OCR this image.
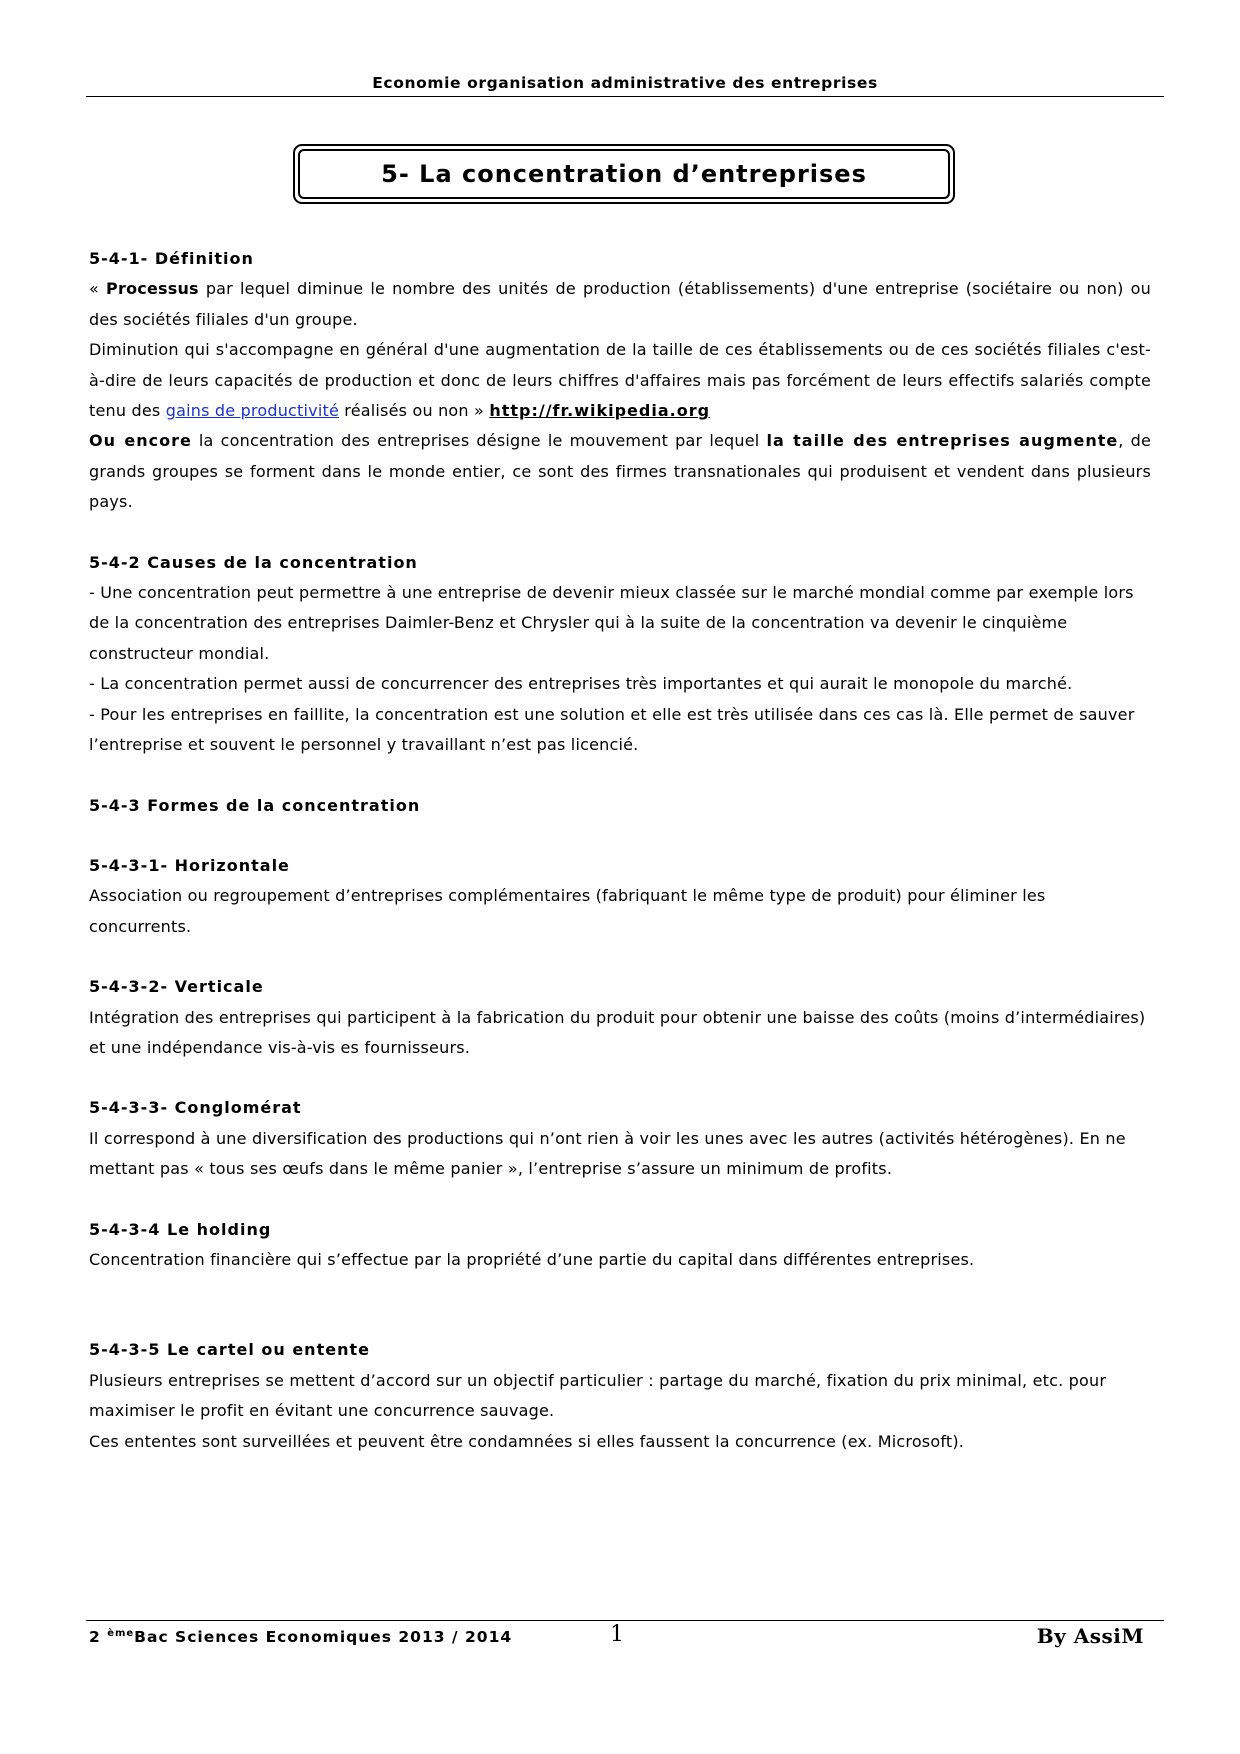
Economie organisation administrative des entreprises
5- La concentration d’entreprises

5-4-1- Définition

« Processus par lequel diminue le nombre des unités de production (établissements) d'une entreprise (sociétaire ou non) ou des sociétés filiales d'un groupe.

Diminution qui s'accompagne en général d'une augmentation de la taille de ces établissements ou de ces sociétés filiales c'est-à-dire de leurs capacités de production et donc de leurs chiffres d'affaires mais pas forcément de leurs effectifs salariés compte tenu des gains de productivité réalisés ou non » http://fr.wikipedia.org

Ou encore la concentration des entreprises désigne le mouvement par lequel la taille des entreprises augmente, de grands groupes se forment dans le monde entier, ce sont des firmes transnationales qui produisent et vendent dans plusieurs pays.

5-4-2 Causes de la concentration

- Une concentration peut permettre à une entreprise de devenir mieux classée sur le marché mondial comme par exemple lors de la concentration des entreprises Daimler-Benz et Chrysler qui à la suite de la concentration va devenir le cinquième constructeur mondial.

- La concentration permet aussi de concurrencer des entreprises très importantes et qui aurait le monopole du marché.

- Pour les entreprises en faillite, la concentration est une solution et elle est très utilisée dans ces cas là. Elle permet de sauver l’entreprise et souvent le personnel y travaillant n’est pas licencié.

5-4-3 Formes de la concentration

5-4-3-1- Horizontale

Association ou regroupement d’entreprises complémentaires (fabriquant le même type de produit) pour éliminer les concurrents.

5-4-3-2- Verticale

Intégration des entreprises qui participent à la fabrication du produit pour obtenir une baisse des coûts (moins d’intermédiaires) et une indépendance vis-à-vis es fournisseurs.

5-4-3-3- Conglomérat

Il correspond à une diversification des productions qui n’ont rien à voir les unes avec les autres (activités hétérogènes). En ne mettant pas « tous ses œufs dans le même panier », l’entreprise s’assure un minimum de profits.

5-4-3-4 Le holding

Concentration financière qui s’effectue par la propriété d’une partie du capital dans différentes entreprises.

5-4-3-5 Le cartel ou entente

Plusieurs entreprises se mettent d’accord sur un objectif particulier : partage du marché, fixation du prix minimal, etc. pour maximiser le profit en évitant une concurrence sauvage.

Ces ententes sont surveillées et peuvent être condamnées si elles faussent la concurrence (ex. Microsoft).

2 $^{ème}$Bac Sciences Economiques 2013 / 2014	1	By AssiM
